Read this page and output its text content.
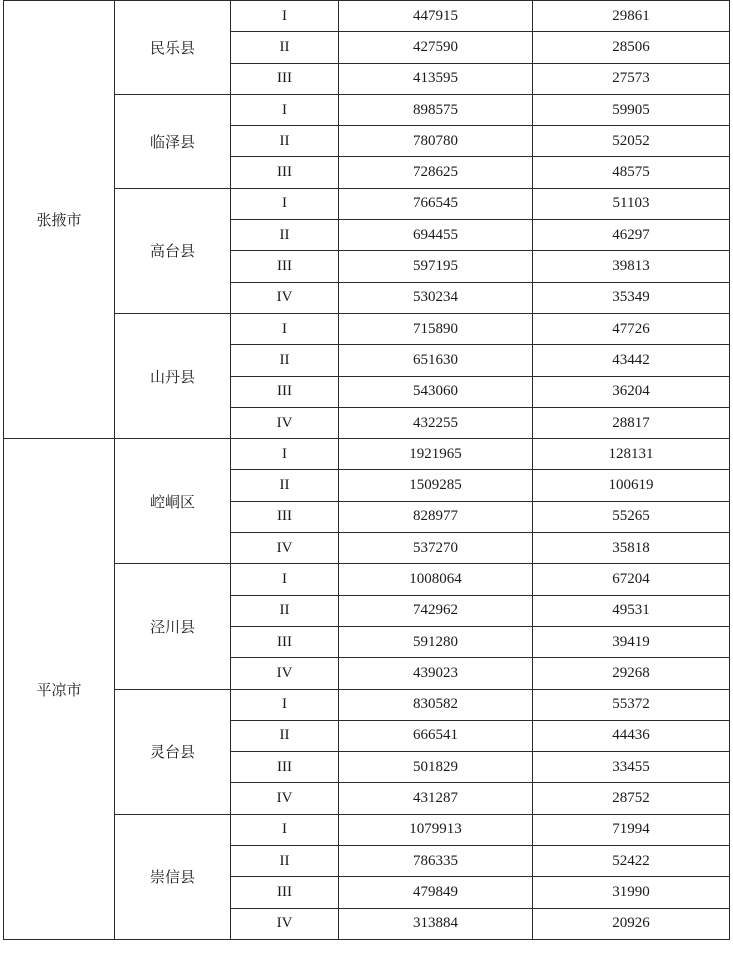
张掖市	民乐县	I	447915	29861
		II	427590	28506
		III	413595	27573
	临泽县	I	898575	59905
		II	780780	52052
		III	728625	48575
	高台县	I	766545	51103
		II	694455	46297
		III	597195	39813
		IV	530234	35349
	山丹县	I	715890	47726
		II	651630	43442
		III	543060	36204
		IV	432255	28817
平凉市	崆峒区	I	1921965	128131
		II	1509285	100619
		III	828977	55265
		IV	537270	35818
	泾川县	I	1008064	67204
		II	742962	49531
		III	591280	39419
		IV	439023	29268
	灵台县	I	830582	55372
		II	666541	44436
		III	501829	33455
		IV	431287	28752
	崇信县	I	1079913	71994
		II	786335	52422
		III	479849	31990
		IV	313884	20926
